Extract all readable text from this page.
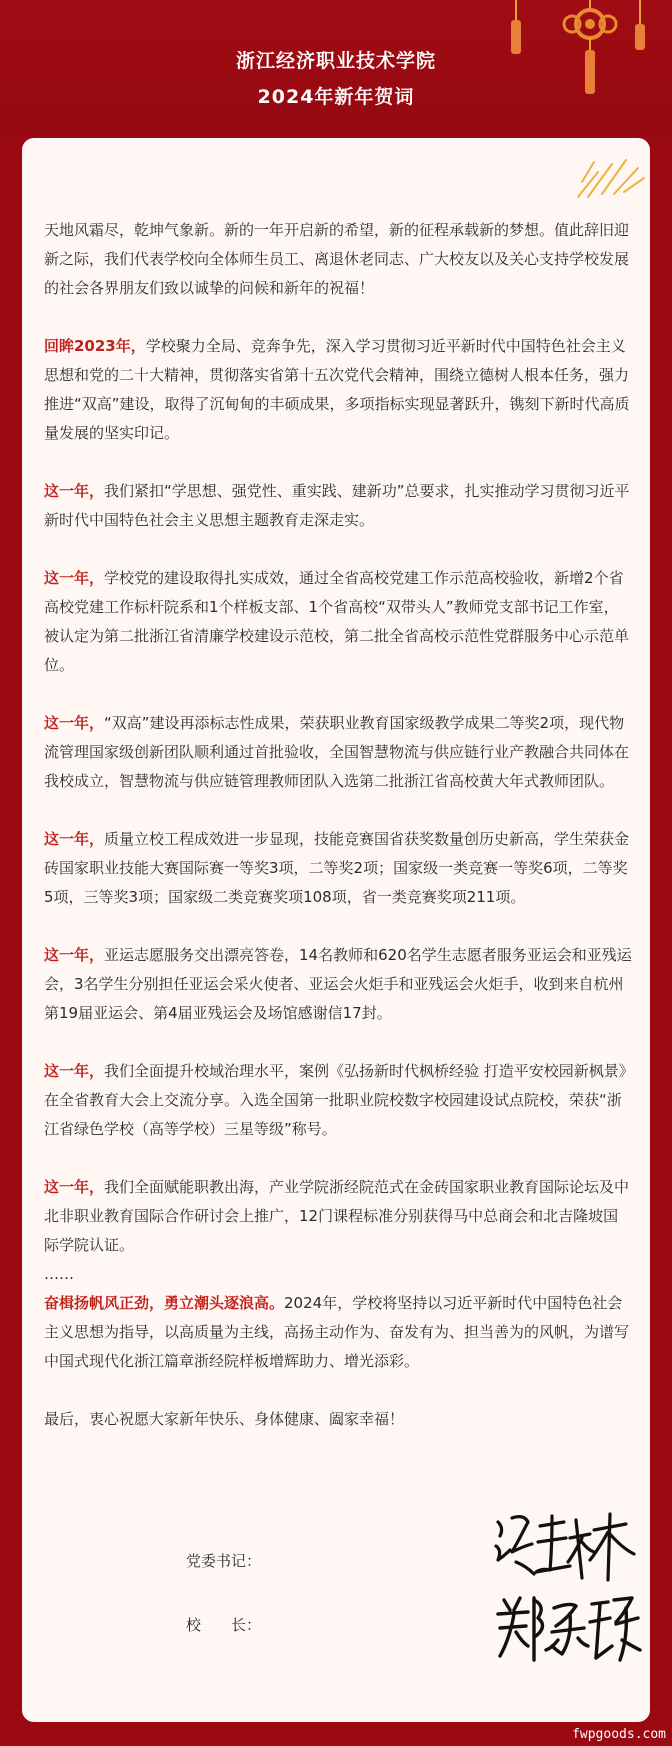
浙江经济职业技术学院
2024年新年贺词

天地风霜尽，乾坤气象新。新的一年开启新的希望，新的征程承载新的梦想。值此辞旧迎新之际，我们代表学校向全体师生员工、离退休老同志、广大校友以及关心支持学校发展的社会各界朋友们致以诚挚的问候和新年的祝福！

回眸2023年，学校聚力全局、竞奔争先，深入学习贯彻习近平新时代中国特色社会主义思想和党的二十大精神，贯彻落实省第十五次党代会精神，围绕立德树人根本任务，强力推进“双高”建设，取得了沉甸甸的丰硕成果，多项指标实现显著跃升，镌刻下新时代高质量发展的坚实印记。

这一年，我们紧扣“学思想、强党性、重实践、建新功”总要求，扎实推动学习贯彻习近平新时代中国特色社会主义思想主题教育走深走实。

这一年，学校党的建设取得扎实成效，通过全省高校党建工作示范高校验收，新增2个省高校党建工作标杆院系和1个样板支部、1个省高校“双带头人”教师党支部书记工作室，被认定为第二批浙江省清廉学校建设示范校，第二批全省高校示范性党群服务中心示范单位。

这一年，“双高”建设再添标志性成果，荣获职业教育国家级教学成果二等奖2项，现代物流管理国家级创新团队顺利通过首批验收，全国智慧物流与供应链行业产教融合共同体在我校成立，智慧物流与供应链管理教师团队入选第二批浙江省高校黄大年式教师团队。

这一年，质量立校工程成效进一步显现，技能竞赛国省获奖数量创历史新高，学生荣获金砖国家职业技能大赛国际赛一等奖3项，二等奖2项；国家级一类竞赛一等奖6项，二等奖5项，三等奖3项；国家级二类竞赛奖项108项，省一类竞赛奖项211项。

这一年，亚运志愿服务交出漂亮答卷，14名教师和620名学生志愿者服务亚运会和亚残运会，3名学生分别担任亚运会采火使者、亚运会火炬手和亚残运会火炬手，收到来自杭州第19届亚运会、第4届亚残运会及场馆感谢信17封。

这一年，我们全面提升校域治理水平，案例《弘扬新时代枫桥经验 打造平安校园新枫景》在全省教育大会上交流分享。入选全国第一批职业院校数字校园建设试点院校，荣获“浙江省绿色学校（高等学校）三星等级”称号。

这一年，我们全面赋能职教出海，产业学院浙经院范式在金砖国家职业教育国际论坛及中北非职业教育国际合作研讨会上推广，12门课程标准分别获得马中总商会和北吉隆坡国际学院认证。

……

奋楫扬帆风正劲，勇立潮头逐浪高。2024年，学校将坚持以习近平新时代中国特色社会主义思想为指导，以高质量为主线，高扬主动作为、奋发有为、担当善为的风帆，为谱写中国式现代化浙江篇章浙经院样板增辉助力、增光添彩。

最后，衷心祝愿大家新年快乐、身体健康、阖家幸福！

党委书记：
校　　长：
fwpgoods.com
